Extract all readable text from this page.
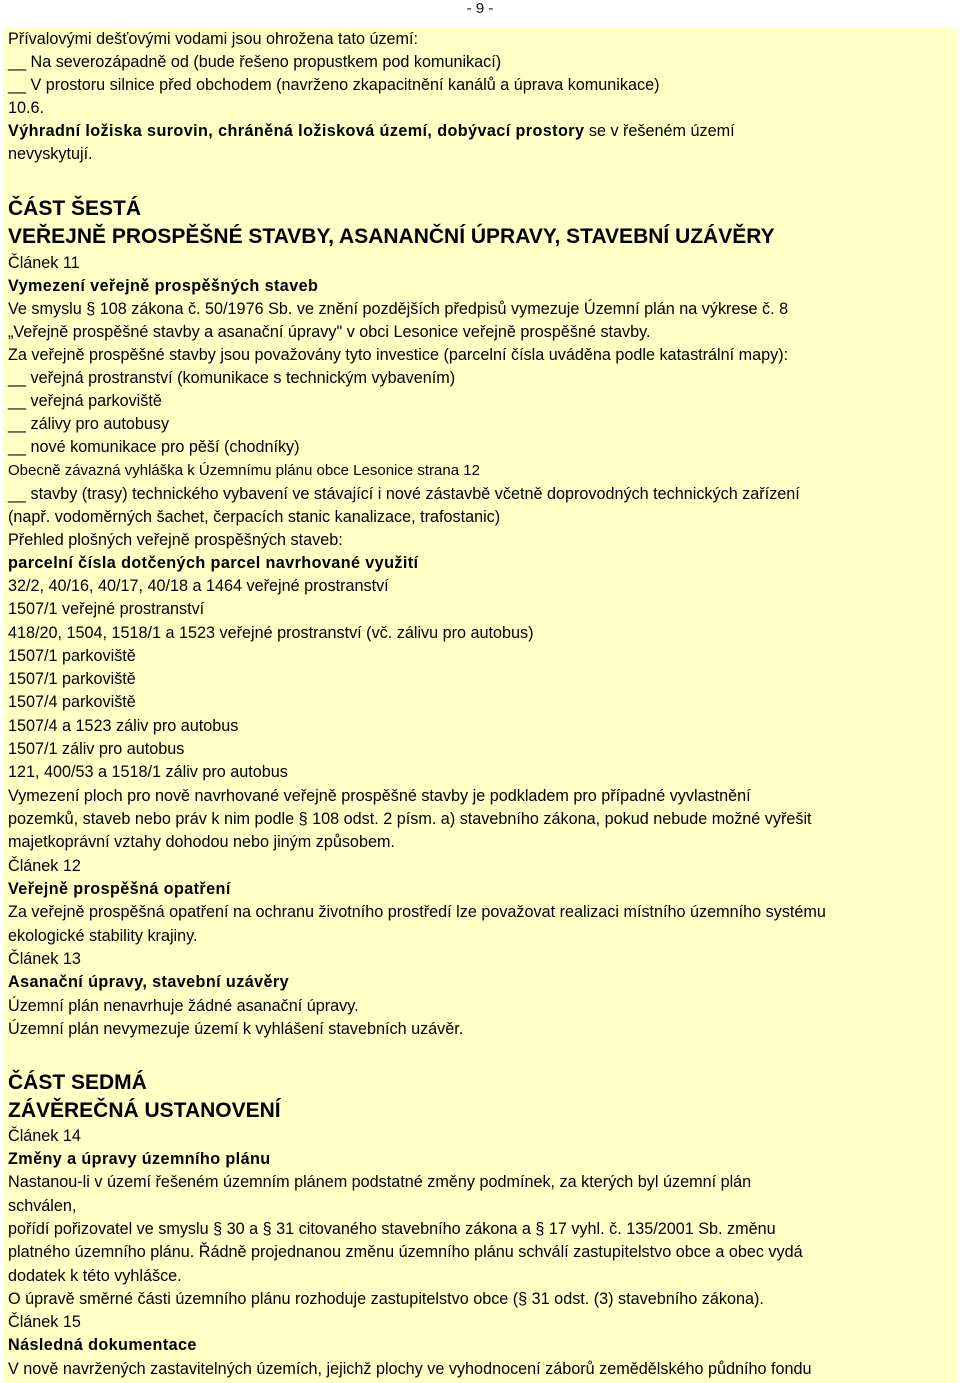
- 9 -
Přívalovými dešťovými vodami jsou ohrožena tato území:
__ Na severozápadně od (bude řešeno propustkem pod komunikací)
__ V prostoru silnice před obchodem (navrženo zkapacitnění kanálů a úprava komunikace)
10.6.
Výhradní ložiska surovin, chráněná ložisková území, dobývací prostory se v řešeném území
nevyskytují.
ČÁST ŠESTÁ
VEŘEJNĚ PROSPĚŠNÉ STAVBY, ASANANČNÍ ÚPRAVY, STAVEBNÍ UZÁVĚRY
Článek 11
Vymezení veřejně prospěšných staveb
Ve smyslu § 108 zákona č. 50/1976 Sb. ve znění pozdějších předpisů vymezuje Územní plán na výkrese č. 8
„Veřejně prospěšné stavby a asanační úpravy" v obci Lesonice veřejně prospěšné stavby.
Za veřejně prospěšné stavby jsou považovány tyto investice (parcelní čísla uváděna podle katastrální mapy):
__ veřejná prostranství (komunikace s technickým vybavením)
__ veřejná parkoviště
__ zálivy pro autobusy
__ nové komunikace pro pěší (chodníky)
Obecně závazná vyhláška k Územnímu plánu obce Lesonice strana 12
__ stavby (trasy) technického vybavení ve stávající i nové zástavbě včetně doprovodných technických zařízení
(např. vodoměrných šachet, čerpacích stanic kanalizace, trafostanic)
Přehled plošných veřejně prospěšných staveb:
parcelní čísla dotčených parcel navrhované využití
32/2, 40/16, 40/17, 40/18 a 1464 veřejné prostranství
1507/1 veřejné prostranství
418/20, 1504, 1518/1 a 1523 veřejné prostranství (vč. zálivu pro autobus)
1507/1 parkoviště
1507/1 parkoviště
1507/4 parkoviště
1507/4 a 1523 záliv pro autobus
1507/1 záliv pro autobus
121, 400/53 a 1518/1 záliv pro autobus
Vymezení ploch pro nově navrhované veřejně prospěšné stavby je podkladem pro případné vyvlastnění
pozemků, staveb nebo práv k nim podle § 108 odst. 2 písm. a) stavebního zákona, pokud nebude možné vyřešit
majetkoprávní vztahy dohodou nebo jiným způsobem.
Článek 12
Veřejně prospěšná opatření
Za veřejně prospěšná opatření na ochranu životního prostředí lze považovat realizaci místního územního systému
ekologické stability krajiny.
Článek 13
Asanační úpravy, stavební uzávěry
Územní plán nenavrhuje žádné asanační úpravy.
Územní plán nevymezuje území k vyhlášení stavebních uzávěr.
ČÁST SEDMÁ
ZÁVĚREČNÁ USTANOVENÍ
Článek 14
Změny a úpravy územního plánu
Nastanou-li v území řešeném územním plánem podstatné změny podmínek, za kterých byl územní plán
schválen,
pořídí pořizovatel ve smyslu § 30 a § 31 citovaného stavebního zákona a § 17 vyhl. č. 135/2001 Sb. změnu
platného územního plánu. Řádně projednanou změnu územního plánu schválí zastupitelstvo obce a obec vydá
dodatek k této vyhlášce.
O úpravě směrné části územního plánu rozhoduje zastupitelstvo obce (§ 31 odst. (3) stavebního zákona).
Článek 15
Následná dokumentace
V nově navržených zastavitelných územích, jejichž plochy ve vyhodnocení záborů zemědělského půdního fondu
